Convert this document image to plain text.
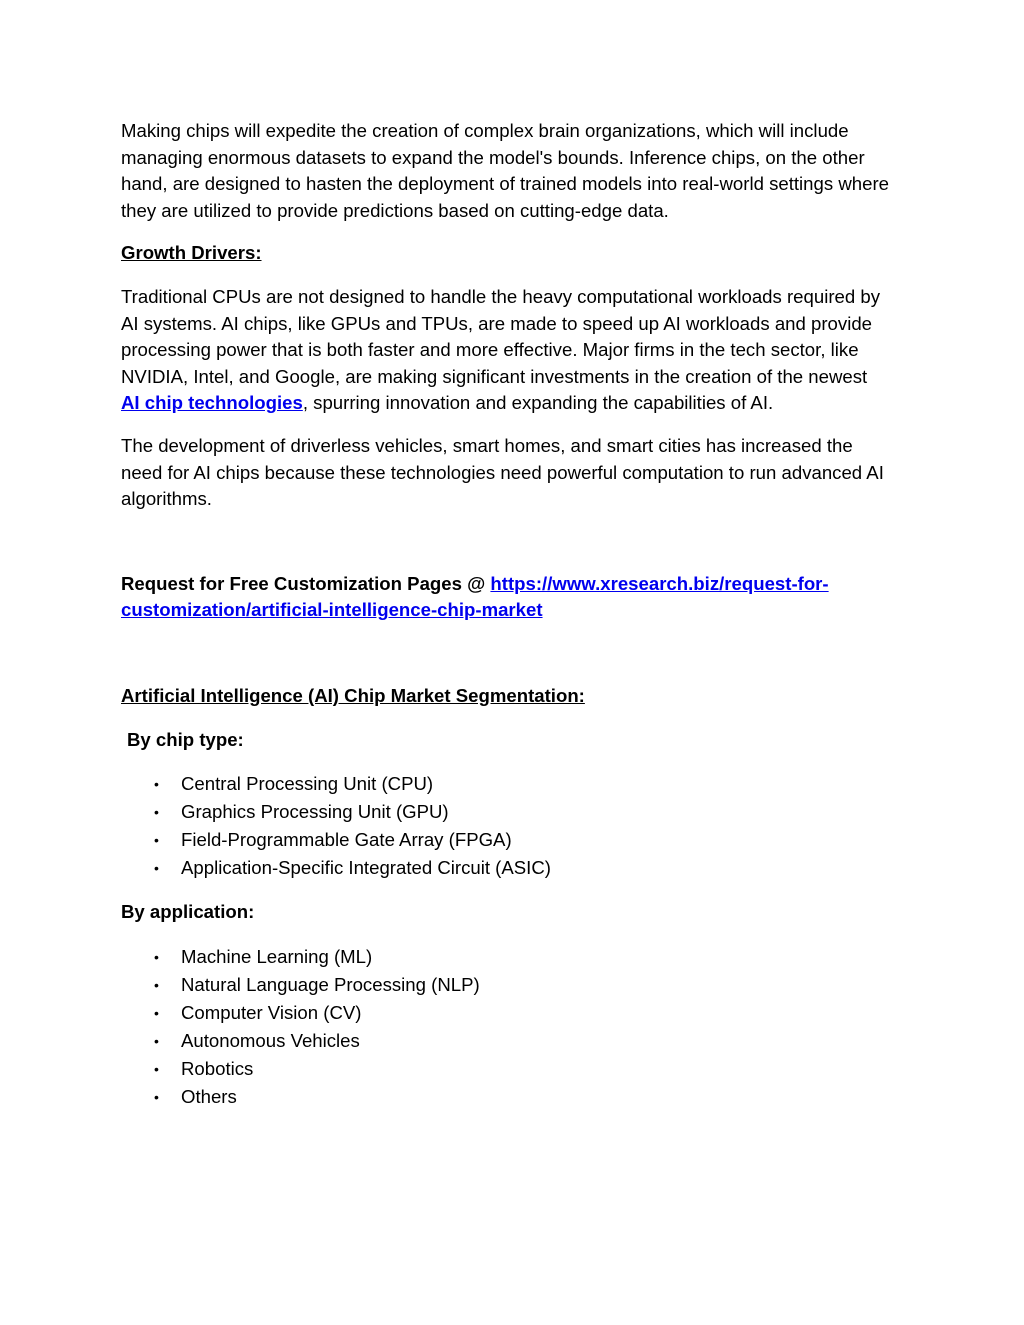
Making chips will expedite the creation of complex brain organizations, which will include managing enormous datasets to expand the model's bounds. Inference chips, on the other hand, are designed to hasten the deployment of trained models into real-world settings where they are utilized to provide predictions based on cutting-edge data.

Growth Drivers:

Traditional CPUs are not designed to handle the heavy computational workloads required by AI systems. AI chips, like GPUs and TPUs, are made to speed up AI workloads and provide processing power that is both faster and more effective. Major firms in the tech sector, like NVIDIA, Intel, and Google, are making significant investments in the creation of the newest AI chip technologies, spurring innovation and expanding the capabilities of AI.

The development of driverless vehicles, smart homes, and smart cities has increased the need for AI chips because these technologies need powerful computation to run advanced AI algorithms.

Request for Free Customization Pages @ https://www.xresearch.biz/request-for-customization/artificial-intelligence-chip-market

Artificial Intelligence (AI) Chip Market Segmentation:

By chip type:

• Central Processing Unit (CPU)
• Graphics Processing Unit (GPU)
• Field-Programmable Gate Array (FPGA)
• Application-Specific Integrated Circuit (ASIC)

By application:

• Machine Learning (ML)
• Natural Language Processing (NLP)
• Computer Vision (CV)
• Autonomous Vehicles
• Robotics
• Others
